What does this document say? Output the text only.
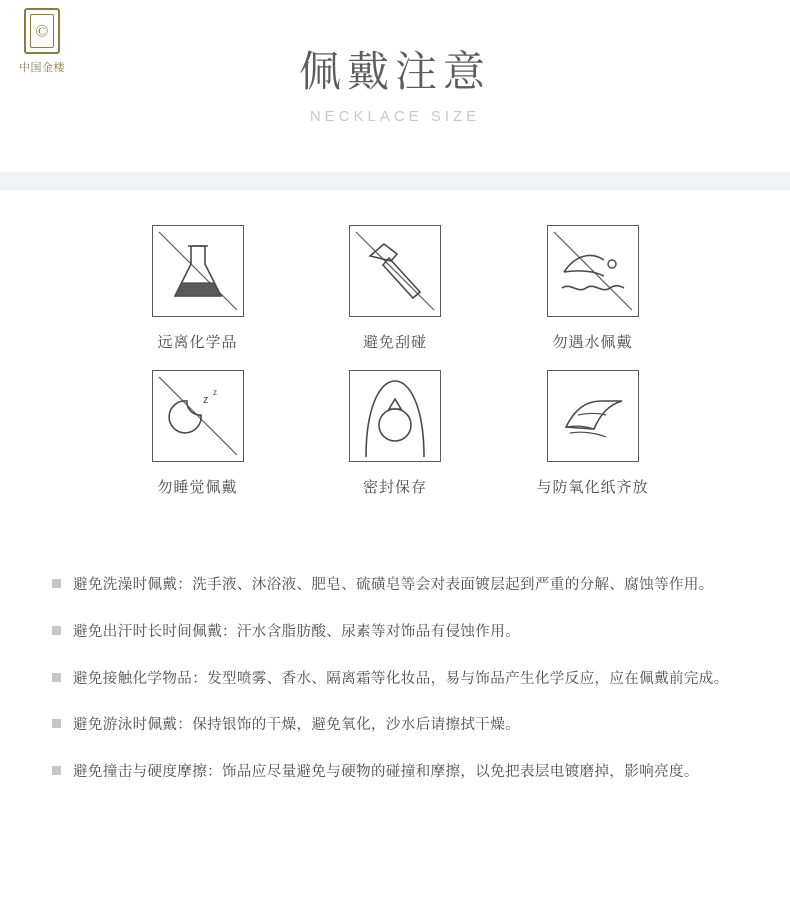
©
中国金楼	佩戴注意
NECKLACE SIZE
远离化学品	避免刮碰	勿遇水佩戴
z
z
勿睡觉佩戴	密封保存	与防氧化纸齐放
避免洗澡时佩戴：洗手液、沐浴液、肥皂、硫磺皂等会对表面镀层起到严重的分解、腐蚀等作用。
避免出汗时长时间佩戴：汗水含脂肪酸、尿素等对饰品有侵蚀作用。
避免接触化学物品：发型喷雾、香水、隔离霜等化妆品，易与饰品产生化学反应，应在佩戴前完成。
避免游泳时佩戴：保持银饰的干燥，避免氧化，沙水后请擦拭干燥。
避免撞击与硬度摩擦：饰品应尽量避免与硬物的碰撞和摩擦，以免把表层电镀磨掉，影响亮度。
